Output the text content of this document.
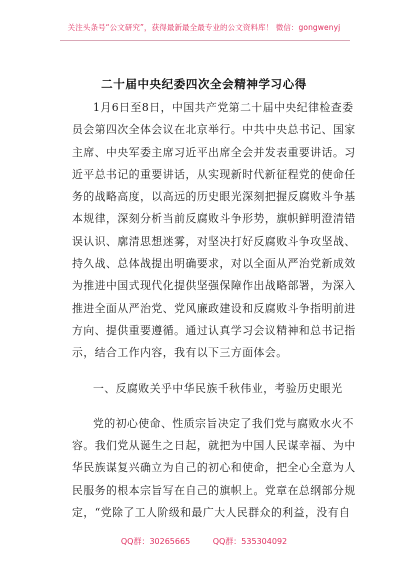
关注头条号“公文研究”，获得最新最全最专业的公文资料库！ 微信：gongwenyj
二十届中央纪委四次全会精神学习心得
1月6日至8日，中国共产党第二十届中央纪律检查委
员会第四次全体会议在北京举行。中共中央总书记、国家
主席、中央军委主席习近平出席全会并发表重要讲话。习
近平总书记的重要讲话，从实现新时代新征程党的使命任
务的战略高度，以高远的历史眼光深刻把握反腐败斗争基
本规律，深刻分析当前反腐败斗争形势，旗帜鲜明澄清错
误认识、廓清思想迷雾，对坚决打好反腐败斗争攻坚战、
持久战、总体战提出明确要求，对以全面从严治党新成效
为推进中国式现代化提供坚强保障作出战略部署，为深入
推进全面从严治党、党风廉政建设和反腐败斗争指明前进
方向、提供重要遵循。通过认真学习会议精神和总书记指
示，结合工作内容，我有以下三方面体会。
一、反腐败关乎中华民族千秋伟业，考验历史眼光
党的初心使命、性质宗旨决定了我们党与腐败水火不
容。我们党从诞生之日起，就把为中国人民谋幸福、为中
华民族谋复兴确立为自己的初心和使命，把全心全意为人
民服务的根本宗旨写在自己的旗帜上。党章在总纲部分规
定，“党除了工人阶级和最广大人民群众的利益，没有自
QQ群：30265665	QQ群：535304092
